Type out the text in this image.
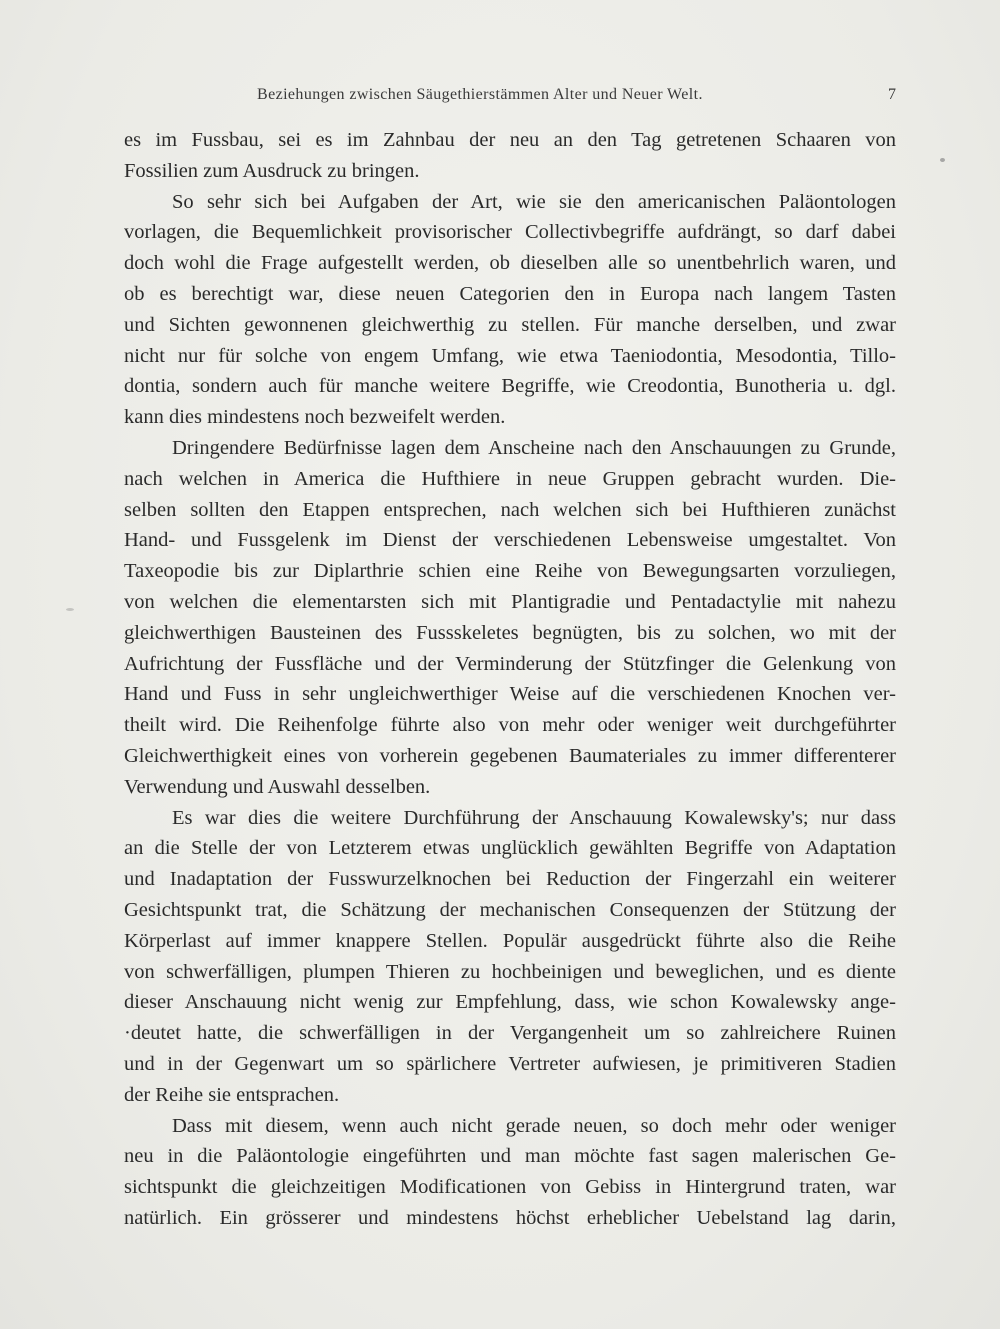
Beziehungen zwischen Säugethierstämmen Alter und Neuer Welt.	7
es im Fussbau, sei es im Zahnbau der neu an den Tag getretenen Schaaren von
Fossilien zum Ausdruck zu bringen.
So sehr sich bei Aufgaben der Art, wie sie den americanischen Paläontologen
vorlagen, die Bequemlichkeit provisorischer Collectivbegriffe aufdrängt, so darf dabei
doch wohl die Frage aufgestellt werden, ob dieselben alle so unentbehrlich waren, und
ob es berechtigt war, diese neuen Categorien den in Europa nach langem Tasten
und Sichten gewonnenen gleichwerthig zu stellen. Für manche derselben, und zwar
nicht nur für solche von engem Umfang, wie etwa Taeniodontia, Mesodontia, Tillo-
dontia, sondern auch für manche weitere Begriffe, wie Creodontia, Bunotheria u. dgl.
kann dies mindestens noch bezweifelt werden.
Dringendere Bedürfnisse lagen dem Anscheine nach den Anschauungen zu Grunde,
nach welchen in America die Hufthiere in neue Gruppen gebracht wurden. Die-
selben sollten den Etappen entsprechen, nach welchen sich bei Hufthieren zunächst
Hand- und Fussgelenk im Dienst der verschiedenen Lebensweise umgestaltet. Von
Taxeopodie bis zur Diplarthrie schien eine Reihe von Bewegungsarten vorzuliegen,
von welchen die elementarsten sich mit Plantigradie und Pentadactylie mit nahezu
gleichwerthigen Bausteinen des Fussskeletes begnügten, bis zu solchen, wo mit der
Aufrichtung der Fussfläche und der Verminderung der Stützfinger die Gelenkung von
Hand und Fuss in sehr ungleichwerthiger Weise auf die verschiedenen Knochen ver-
theilt wird. Die Reihenfolge führte also von mehr oder weniger weit durchgeführter
Gleichwerthigkeit eines von vorherein gegebenen Baumateriales zu immer differenterer
Verwendung und Auswahl desselben.
Es war dies die weitere Durchführung der Anschauung Kowalewsky's; nur dass
an die Stelle der von Letzterem etwas unglücklich gewählten Begriffe von Adaptation
und Inadaptation der Fusswurzelknochen bei Reduction der Fingerzahl ein weiterer
Gesichtspunkt trat, die Schätzung der mechanischen Consequenzen der Stützung der
Körperlast auf immer knappere Stellen. Populär ausgedrückt führte also die Reihe
von schwerfälligen, plumpen Thieren zu hochbeinigen und beweglichen, und es diente
dieser Anschauung nicht wenig zur Empfehlung, dass, wie schon Kowalewsky ange-
·deutet hatte, die schwerfälligen in der Vergangenheit um so zahlreichere Ruinen
und in der Gegenwart um so spärlichere Vertreter aufwiesen, je primitiveren Stadien
der Reihe sie entsprachen.
Dass mit diesem, wenn auch nicht gerade neuen, so doch mehr oder weniger
neu in die Paläontologie eingeführten und man möchte fast sagen malerischen Ge-
sichtspunkt die gleichzeitigen Modificationen von Gebiss in Hintergrund traten, war
natürlich. Ein grösserer und mindestens höchst erheblicher Uebelstand lag darin,
